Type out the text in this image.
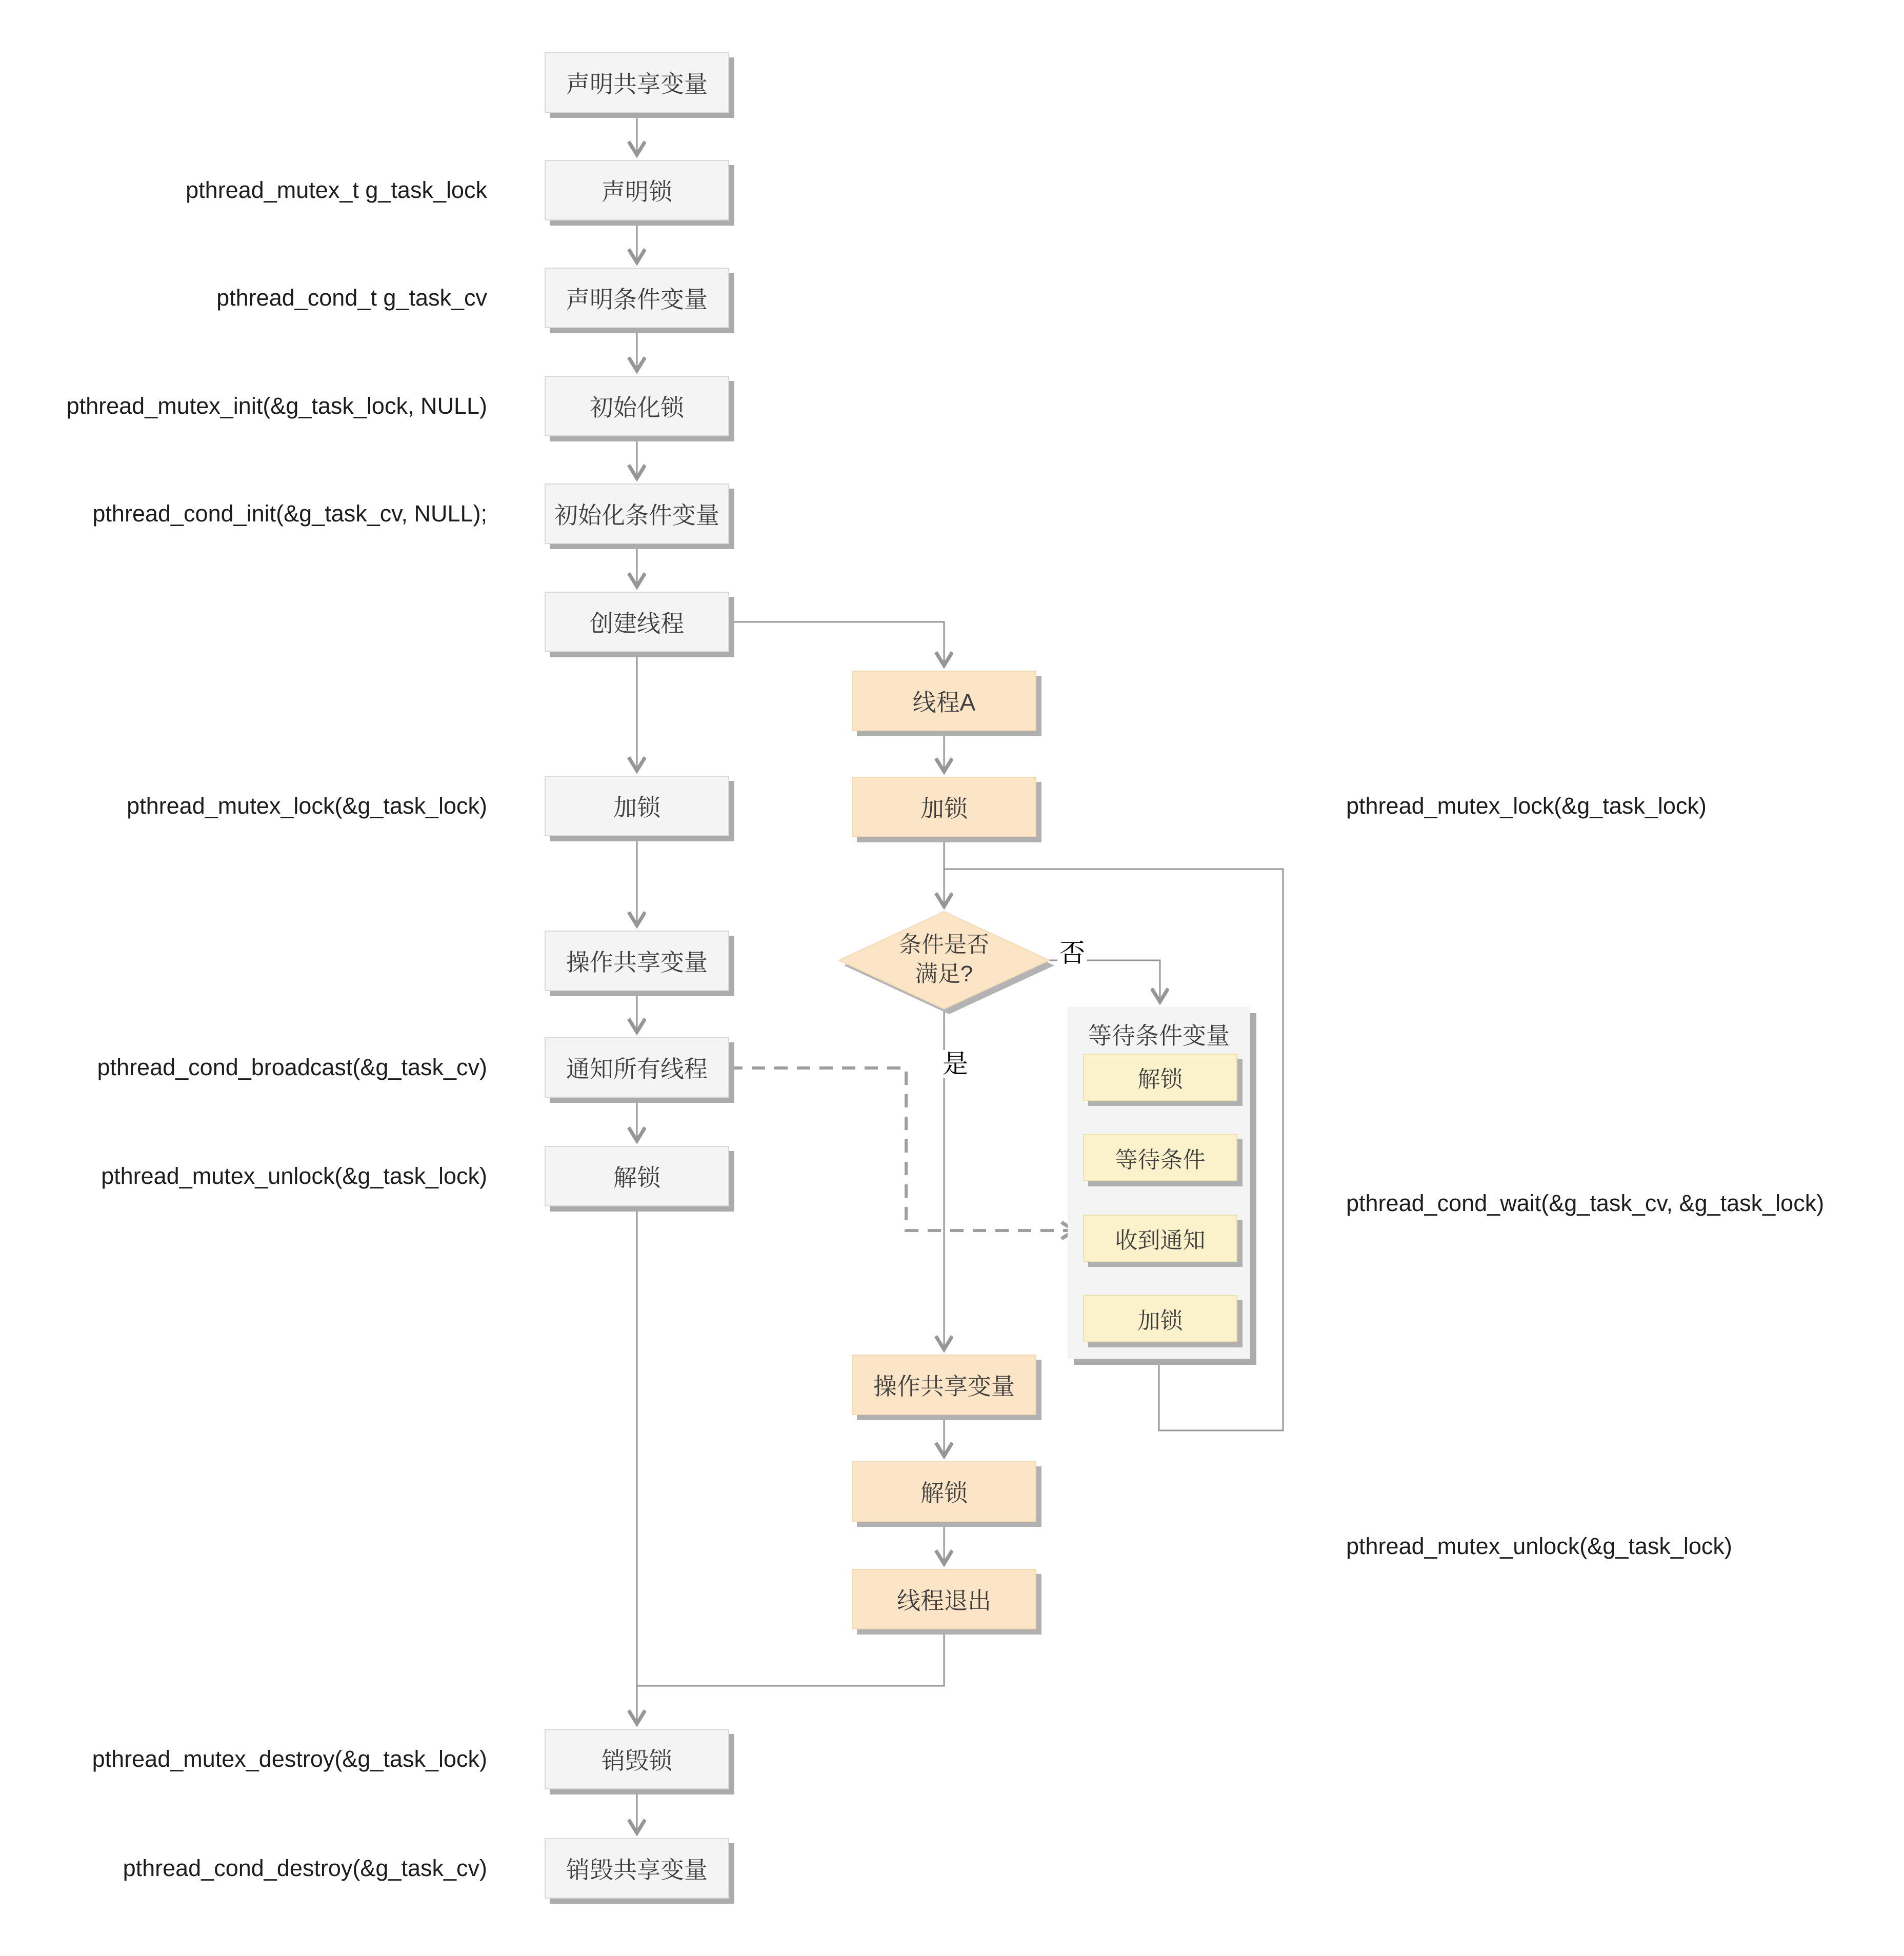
等待条件变量
声明共享变量
声明锁
声明条件变量
初始化锁
初始化条件变量
创建线程
加锁
操作共享变量
通知所有线程
解锁
销毁锁
销毁共享变量
线程A
加锁
操作共享变量
解锁
线程退出
条件是否
满足?
解锁
等待条件
收到通知
加锁
否
是
pthread_mutex_t g_task_lock
pthread_cond_t g_task_cv
pthread_mutex_init(&g_task_lock, NULL)
pthread_cond_init(&g_task_cv, NULL);
pthread_mutex_lock(&g_task_lock)
pthread_cond_broadcast(&g_task_cv)
pthread_mutex_unlock(&g_task_lock)
pthread_mutex_destroy(&g_task_lock)
pthread_cond_destroy(&g_task_cv)
pthread_mutex_lock(&g_task_lock)
pthread_cond_wait(&g_task_cv, &g_task_lock)
pthread_mutex_unlock(&g_task_lock)
